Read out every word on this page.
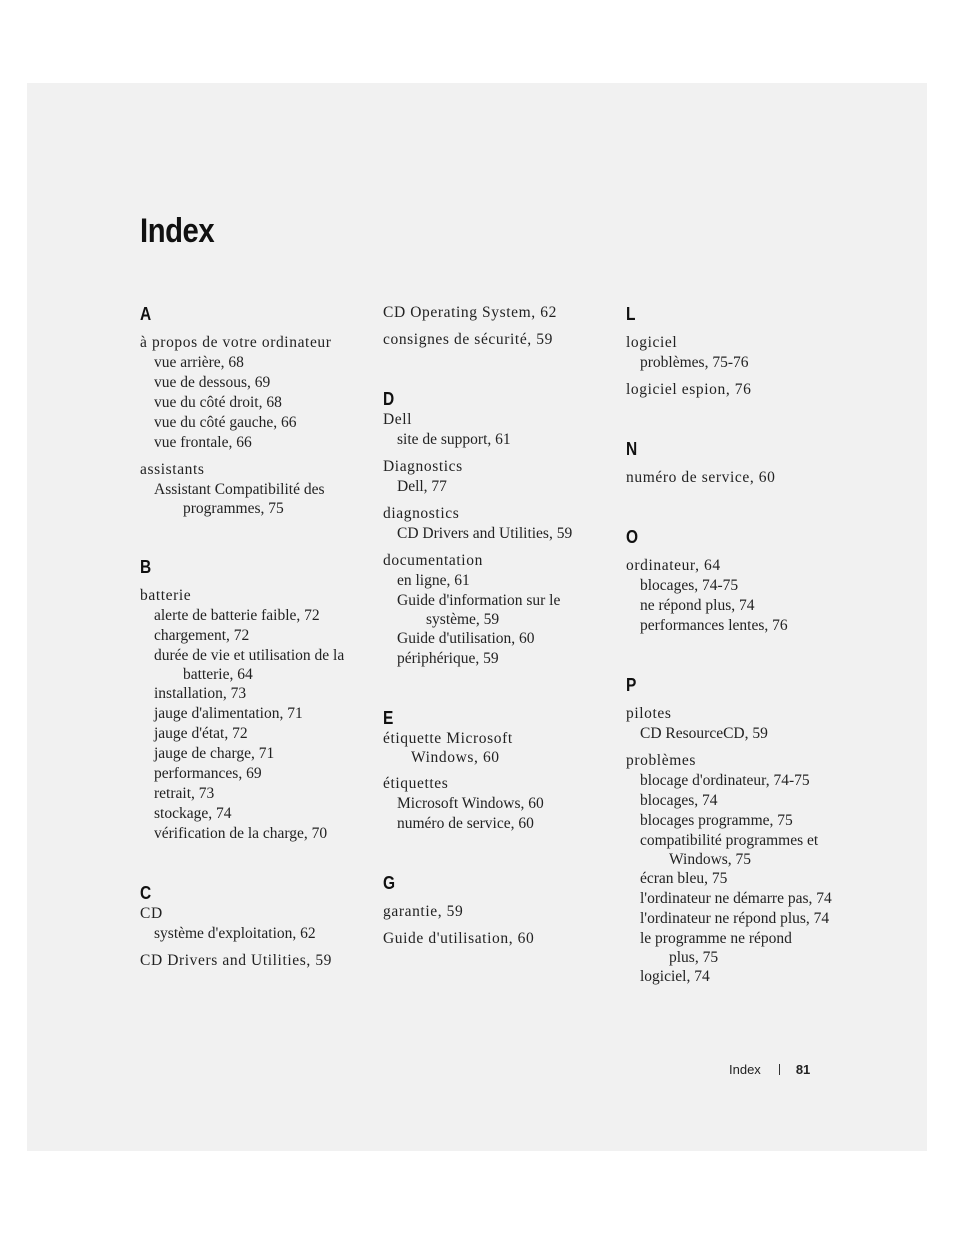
Index
A
à propos de votre ordinateur
vue arrière, 68
vue de dessous, 69
vue du côté droit, 68
vue du côté gauche, 66
vue frontale, 66
assistants
Assistant Compatibilité des
programmes, 75
B
batterie
alerte de batterie faible, 72
chargement, 72
durée de vie et utilisation de la
batterie, 64
installation, 73
jauge d'alimentation, 71
jauge d'état, 72
jauge de charge, 71
performances, 69
retrait, 73
stockage, 74
vérification de la charge, 70
C
CD
système d'exploitation, 62
CD Drivers and Utilities, 59
CD Operating System, 62
consignes de sécurité, 59
D
Dell
site de support, 61
Diagnostics
Dell, 77
diagnostics
CD Drivers and Utilities, 59
documentation
en ligne, 61
Guide d'information sur le
système, 59
Guide d'utilisation, 60
périphérique, 59
E
étiquette Microsoft
Windows, 60
étiquettes
Microsoft Windows, 60
numéro de service, 60
G
garantie, 59
Guide d'utilisation, 60
L
logiciel
problèmes, 75-76
logiciel espion, 76
N
numéro de service, 60
O
ordinateur, 64
blocages, 74-75
ne répond plus, 74
performances lentes, 76
P
pilotes
CD ResourceCD, 59
problèmes
blocage d'ordinateur, 74-75
blocages, 74
blocages programme, 75
compatibilité programmes et
Windows, 75
écran bleu, 75
l'ordinateur ne démarre pas, 74
l'ordinateur ne répond plus, 74
le programme ne répond
plus, 75
logiciel, 74
Index	81
